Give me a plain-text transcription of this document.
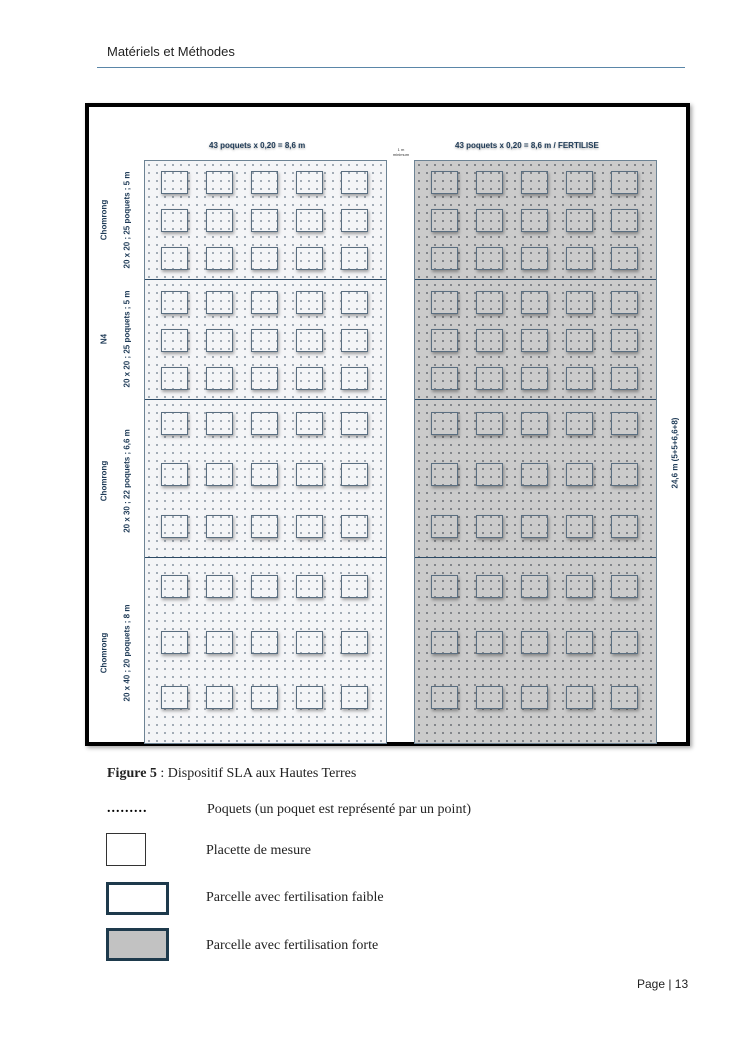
Matériels et Méthodes
43 poquets x 0,20 = 8,6 m	43 poquets x 0,20 = 8,6 m / FERTILISE
1 m
minimum
Chomrong 20 x 20 ; 25 poquets ; 5 m
N4 20 x 20 ; 25 poquets ; 5 m
Chomrong 20 x 30 ; 22 poquets ; 6,6 m
Chomrong 20 x 40 ; 20 poquets ; 8 m
24,6 m (5+5+6,6+8)
Figure 5 : Dispositif SLA aux Hautes Terres
.........	Poquets (un poquet est représenté par un point)
Placette de mesure
Parcelle avec fertilisation faible
Parcelle avec fertilisation forte
Page | 13
